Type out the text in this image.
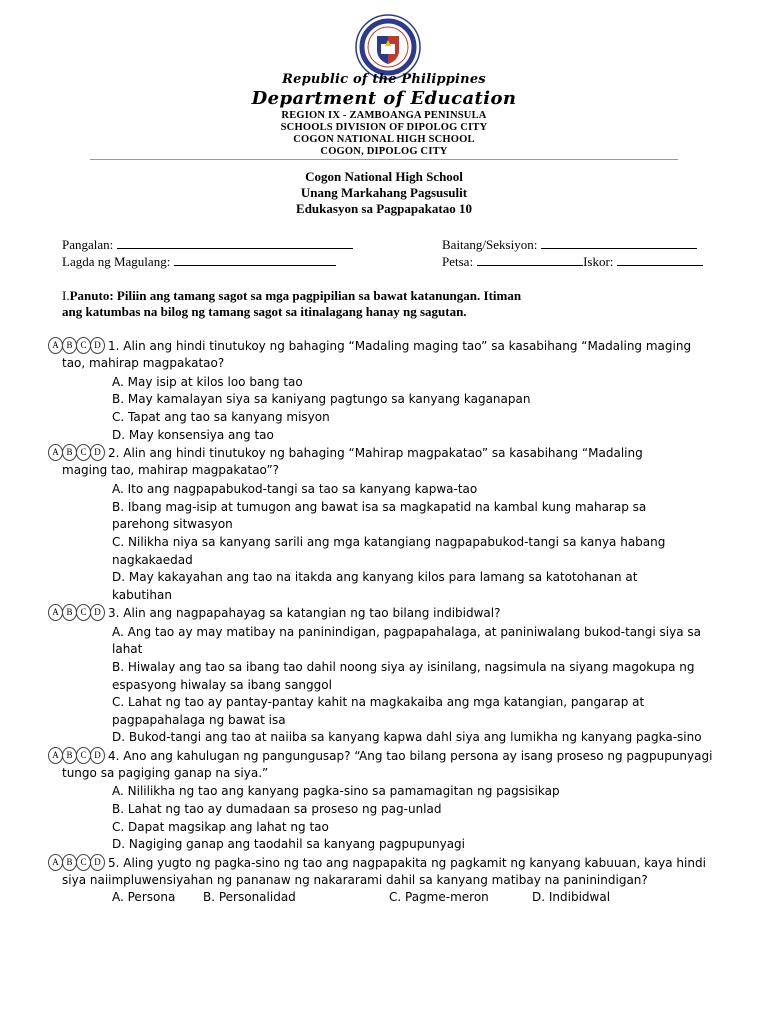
Republic of the Philippines
Department of Education
REGION IX - ZAMBOANGA PENINSULA
SCHOOLS DIVISION OF DIPOLOG CITY
COGON NATIONAL HIGH SCHOOL
COGON, DIPOLOG CITY
Cogon National High School
Unang Markahang Pagsusulit
Edukasyon sa Pagpapakatao 10
Pangalan:	Baitang/Seksiyon:
Lagda ng Magulang:	Petsa:	Iskor:
I.Panuto: Piliin ang tamang sagot sa mga pagpipilian sa bawat katanungan. Itiman
ang katumbas na bilog ng tamang sagot sa itinalagang hanay ng sagutan.
A B C D 1. Alin ang hindi tinutukoy ng bahaging “Madaling maging tao” sa kasabihang “Madaling maging
tao, mahirap magpakatao?
A. May isip at kilos loo bang tao
B. May kamalayan siya sa kaniyang pagtungo sa kanyang kaganapan
C. Tapat ang tao sa kanyang misyon
D. May konsensiya ang tao
A B C D 2. Alin ang hindi tinutukoy ng bahaging “Mahirap magpakatao” sa kasabihang “Madaling
maging tao, mahirap magpakatao”?
A. Ito ang nagpapabukod-tangi sa tao sa kanyang kapwa-tao
B. Ibang mag-isip at tumugon ang bawat isa sa magkapatid na kambal kung maharap sa
parehong sitwasyon
C. Nilikha niya sa kanyang sarili ang mga katangiang nagpapabukod-tangi sa kanya habang
nagkakaedad
D. May kakayahan ang tao na itakda ang kanyang kilos para lamang sa katotohanan at
kabutihan
A B C D 3. Alin ang nagpapahayag sa katangian ng tao bilang indibidwal?
A. Ang tao ay may matibay na paninindigan, pagpapahalaga, at paniniwalang bukod-tangi siya sa
lahat
B. Hiwalay ang tao sa ibang tao dahil noong siya ay isinilang, nagsimula na siyang magokupa ng
espasyong hiwalay sa ibang sanggol
C. Lahat ng tao ay pantay-pantay kahit na magkakaiba ang mga katangian, pangarap at
pagpapahalaga ng bawat isa
D. Bukod-tangi ang tao at naiiba sa kanyang kapwa dahl siya ang lumikha ng kanyang pagka-sino
A B C D 4. Ano ang kahulugan ng pangungusap? “Ang tao bilang persona ay isang proseso ng pagpupunyagi
tungo sa pagiging ganap na siya.”
A. Nililikha ng tao ang kanyang pagka-sino sa pamamagitan ng pagsisikap
B. Lahat ng tao ay dumadaan sa proseso ng pag-unlad
C. Dapat magsikap ang lahat ng tao
D. Nagiging ganap ang taodahil sa kanyang pagpupunyagi
A B C D 5. Aling yugto ng pagka-sino ng tao ang nagpapakita ng pagkamit ng kanyang kabuuan, kaya hindi
siya naiimpluwensiyahan ng pananaw ng nakararami dahil sa kanyang matibay na paninindigan?
A. Persona B. Personalidad	C. Pagme-meron	D. Indibidwal
